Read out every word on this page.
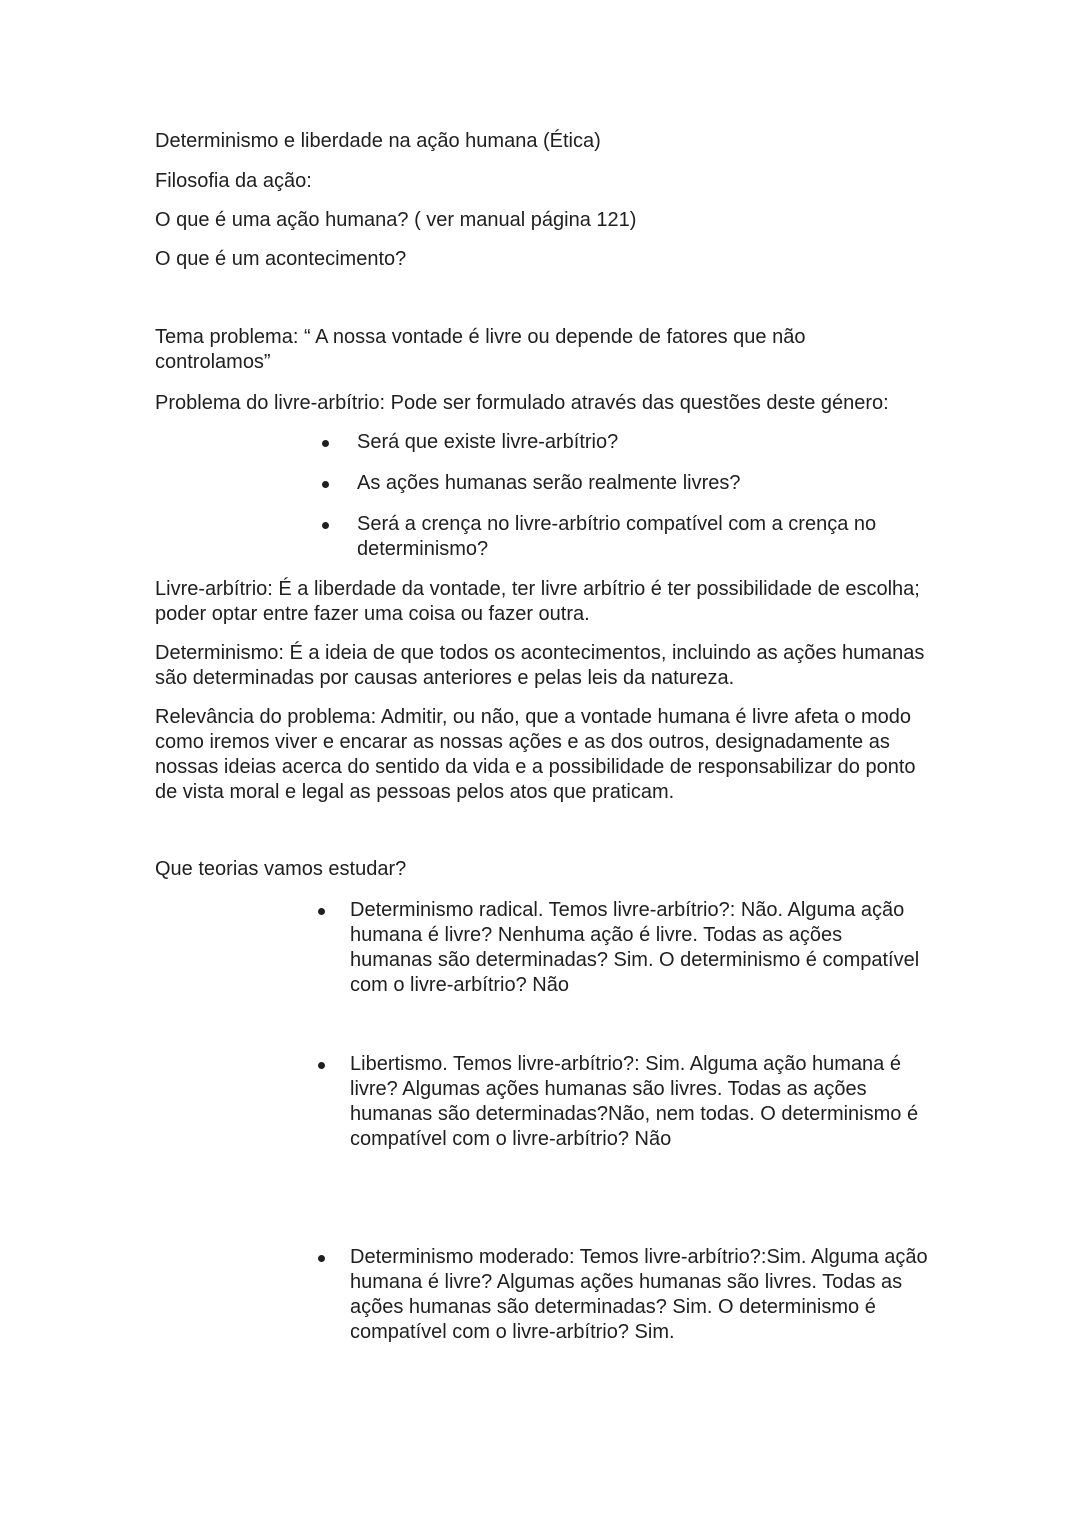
Determinismo e liberdade na ação humana (Ética)

Filosofia da ação:

O que é uma ação humana? ( ver manual página 121)

O que é um acontecimento?

Tema problema: “ A nossa vontade é livre ou depende de fatores que não controlamos”

Problema do livre-arbítrio: Pode ser formulado através das questões deste género:

Será que existe livre-arbítrio?

As ações humanas serão realmente livres?

Será a crença no livre-arbítrio compatível com a crença no determinismo?

Livre-arbítrio: É a liberdade da vontade, ter livre arbítrio é ter possibilidade de escolha; poder optar entre fazer uma coisa ou fazer outra.

Determinismo: É a ideia de que todos os acontecimentos, incluindo as ações humanas são determinadas por causas anteriores e pelas leis da natureza.

Relevância do problema: Admitir, ou não, que a vontade humana é livre afeta o modo como iremos viver e encarar as nossas ações e as dos outros, designadamente as nossas ideias acerca do sentido da vida e a possibilidade de responsabilizar do ponto de vista moral e legal as pessoas pelos atos que praticam.

Que teorias vamos estudar?

Determinismo radical. Temos livre-arbítrio?: Não. Alguma ação humana é livre? Nenhuma ação é livre. Todas as ações humanas são determinadas? Sim. O determinismo é compatível com o livre-arbítrio? Não

Libertismo. Temos livre-arbítrio?: Sim. Alguma ação humana é livre? Algumas ações humanas são livres. Todas as ações humanas são determinadas?Não, nem todas. O determinismo é compatível com o livre-arbítrio? Não

Determinismo moderado: Temos livre-arbítrio?:Sim. Alguma ação humana é livre? Algumas ações humanas são livres. Todas as ações humanas são determinadas? Sim. O determinismo é compatível com o livre-arbítrio? Sim.
